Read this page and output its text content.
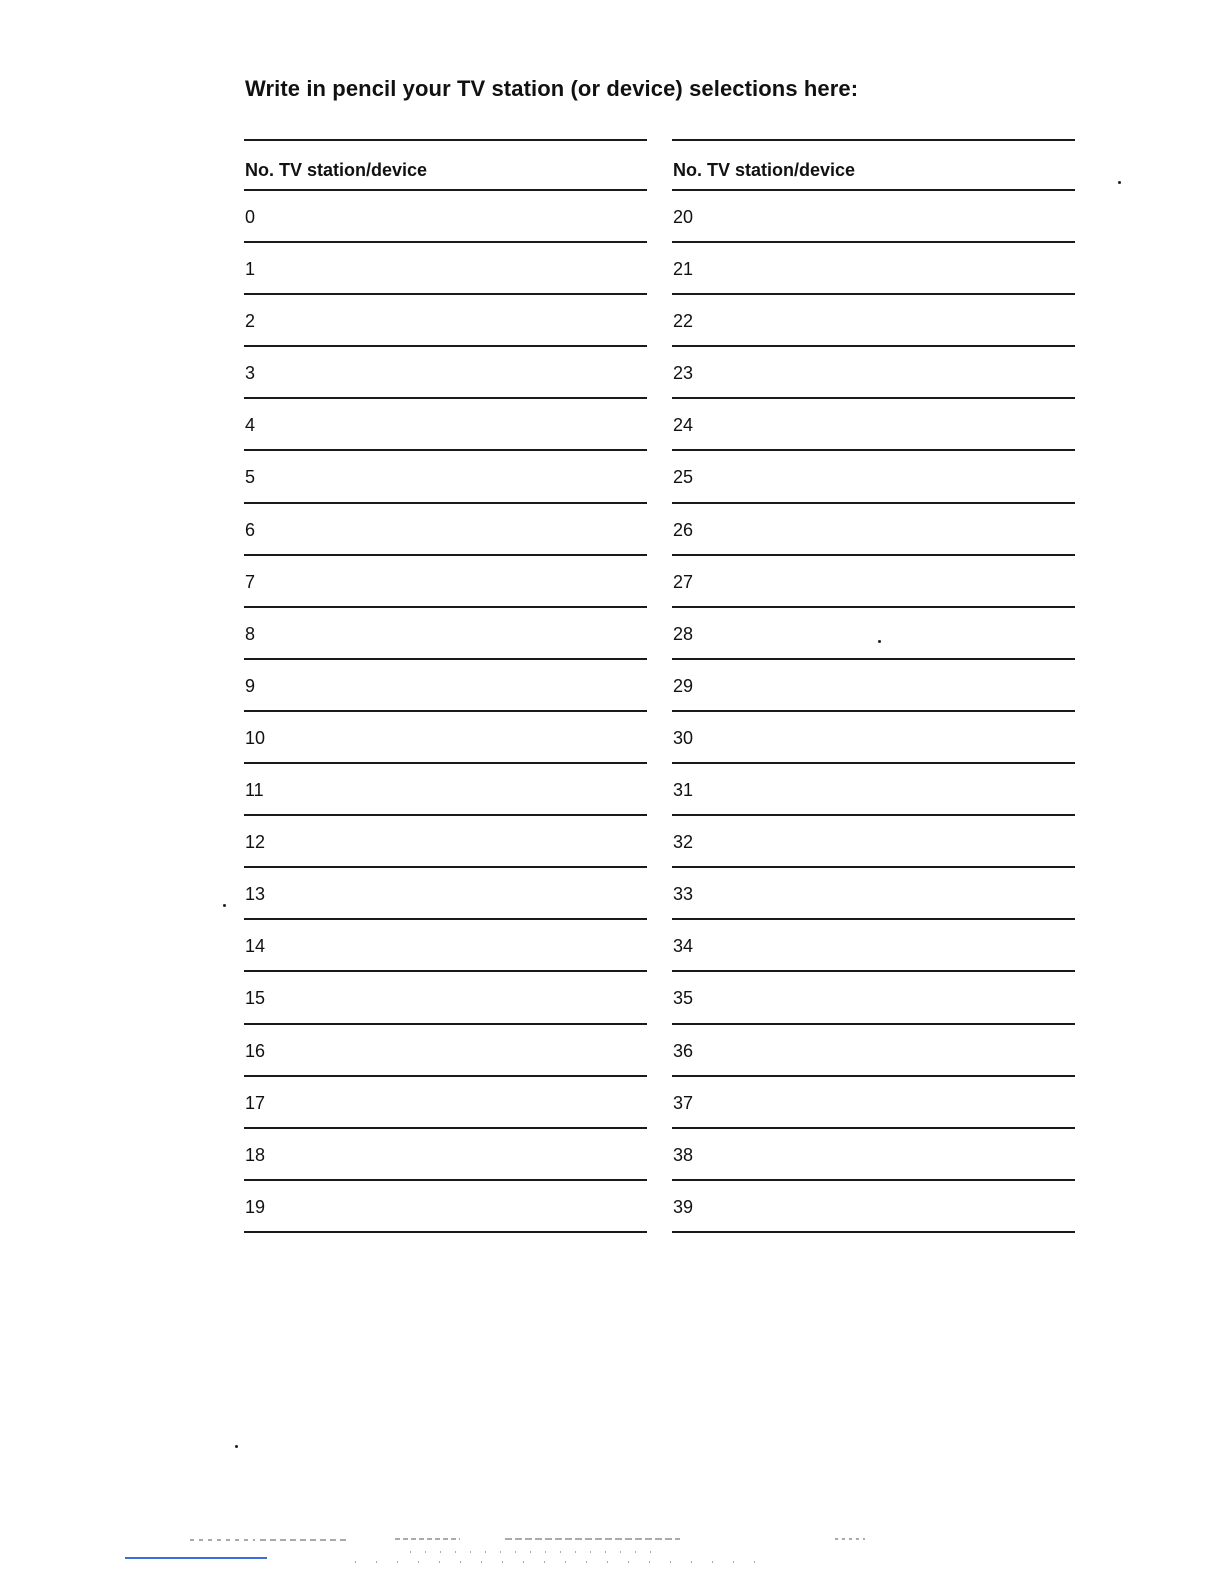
Write in pencil your TV station (or device) selections here:
No. TV station/device
0
1
2
3
4
5
6
7
8
9
10
11
12
13
14
15
16
17
18
19
No. TV station/device
20
21
22
23
24
25
26
27
28
29
30
31
32
33
34
35
36
37
38
39
